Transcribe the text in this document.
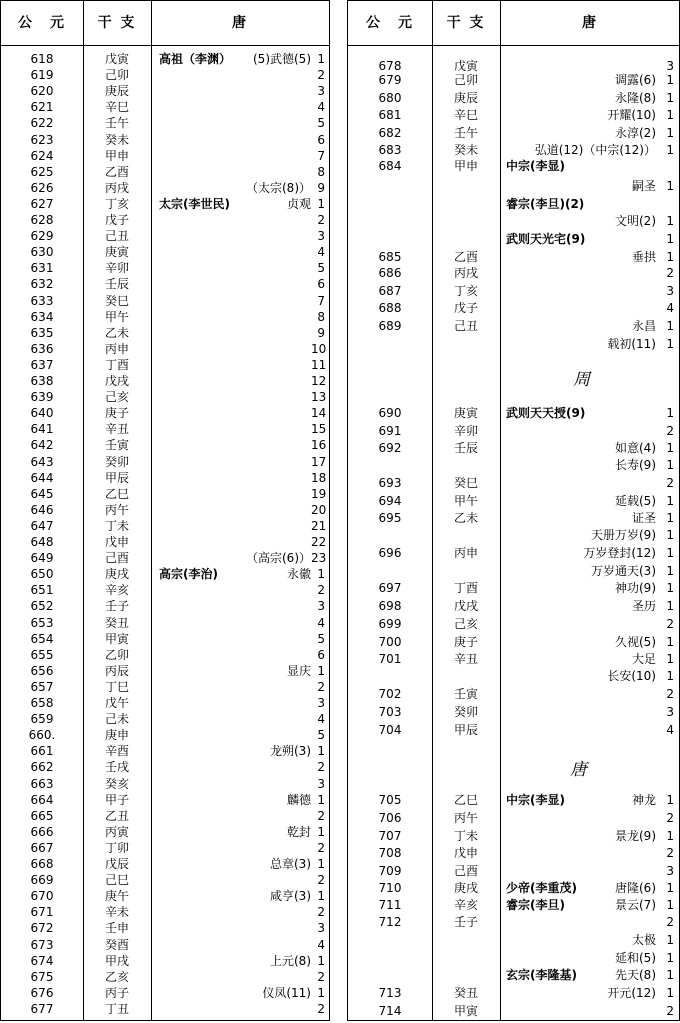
公　元	干 支	唐
618	戊寅	高祖（李渊）	(5)武德(5) 1
619	己卯	2
620	庚辰	3
621	辛巳	4
622	壬午	5
623	癸未	6
624	甲申	7
625	乙酉	8
626	丙戌	（太宗(8)） 9
627	丁亥	太宗(李世民)	贞观 1
628	戊子	2
629	己丑	3
630	庚寅	4
631	辛卯	5
632	壬辰	6
633	癸巳	7
634	甲午	8
635	乙未	9
636	丙申	10
637	丁酉	11
638	戊戌	12
639	己亥	13
640	庚子	14
641	辛丑	15
642	壬寅	16
643	癸卯	17
644	甲辰	18
645	乙巳	19
646	丙午	20
647	丁未	21
648	戊申	22
649	己酉	（高宗(6)） 23
650	庚戌	高宗(李治)	永徽 1
651	辛亥	2
652	壬子	3
653	癸丑	4
654	甲寅	5
655	乙卯	6
656	丙辰	显庆 1
657	丁巳	2
658	戊午	3
659	己未	4
660.	庚申	5
661	辛酉	龙朔(3) 1
662	壬戌	2
663	癸亥	3
664	甲子	麟德 1
665	乙丑	2
666	丙寅	乾封 1
667	丁卯	2
668	戊辰	总章(3) 1
669	己巳	2
670	庚午	咸亨(3) 1
671	辛未	2
672	壬申	3
673	癸酉	4
674	甲戌	上元(8) 1
675	乙亥	2
676	丙子	仪凤(11) 1
677	丁丑	2
公　元	干 支	唐
周
唐
678	戊寅	3
679	己卯	调露(6) 1
680	庚辰	永隆(8) 1
681	辛巳	开耀(10) 1
682	壬午	永淳(2) 1
683	癸未	弘道(12)（中宗(12)） 1
684	甲申	中宗(李显)
嗣圣 1
睿宗(李旦)(2)
文明(2) 1
武则天光宅(9)	1
685	乙酉	垂拱 1
686	丙戌	2
687	丁亥	3
688	戊子	4
689	己丑	永昌 1
载初(11) 1
690	庚寅	武则天天授(9)	1
691	辛卯	2
692	壬辰	如意(4) 1
长寿(9) 1
693	癸巳	2
694	甲午	延载(5) 1
695	乙未	证圣 1
天册万岁(9) 1
696	丙申	万岁登封(12) 1
万岁通天(3) 1
697	丁酉	神功(9) 1
698	戊戌	圣历 1
699	己亥	2
700	庚子	久视(5) 1
701	辛丑	大足 1
长安(10) 1
702	壬寅	2
703	癸卯	3
704	甲辰	4
705	乙巳	中宗(李显)	神龙 1
706	丙午	2
707	丁未	景龙(9) 1
708	戊申	2
709	己酉	3
710	庚戌	少帝(李重茂)	唐隆(6) 1
711	辛亥	睿宗(李旦)	景云(7) 1
712	壬子	2
太极 1
延和(5) 1
玄宗(李隆基)	先天(8) 1
713	癸丑	开元(12) 1
714	甲寅	2
